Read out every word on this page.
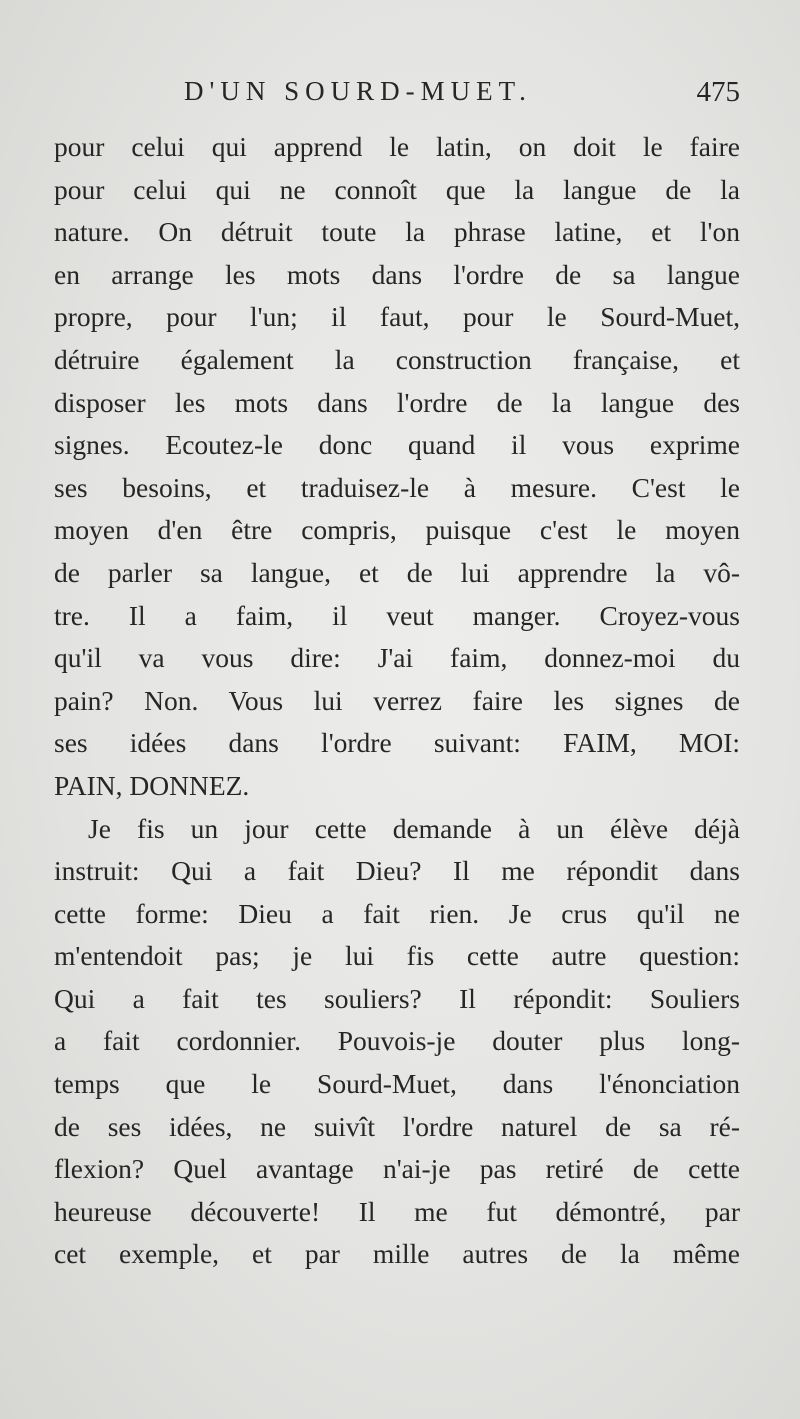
D'UN SOURD-MUET.	475
pour celui qui apprend le latin, on doit le faire
pour celui qui ne connoît que la langue de la
nature. On détruit toute la phrase latine, et l'on
en arrange les mots dans l'ordre de sa langue
propre, pour l'un; il faut, pour le Sourd-Muet,
détruire également la construction française, et
disposer les mots dans l'ordre de la langue des
signes. Ecoutez-le donc quand il vous exprime
ses besoins, et traduisez-le à mesure. C'est le
moyen d'en être compris, puisque c'est le moyen
de parler sa langue, et de lui apprendre la vô-
tre. Il a faim, il veut manger. Croyez-vous
qu'il va vous dire: J'ai faim, donnez-moi du
pain? Non. Vous lui verrez faire les signes de
ses idées dans l'ordre suivant: FAIM, MOI:
PAIN, DONNEZ.
Je fis un jour cette demande à un élève déjà
instruit: Qui a fait Dieu? Il me répondit dans
cette forme: Dieu a fait rien. Je crus qu'il ne
m'entendoit pas; je lui fis cette autre question:
Qui a fait tes souliers? Il répondit: Souliers
a fait cordonnier. Pouvois-je douter plus long-
temps que le Sourd-Muet, dans l'énonciation
de ses idées, ne suivît l'ordre naturel de sa ré-
flexion? Quel avantage n'ai-je pas retiré de cette
heureuse découverte! Il me fut démontré, par
cet exemple, et par mille autres de la même
